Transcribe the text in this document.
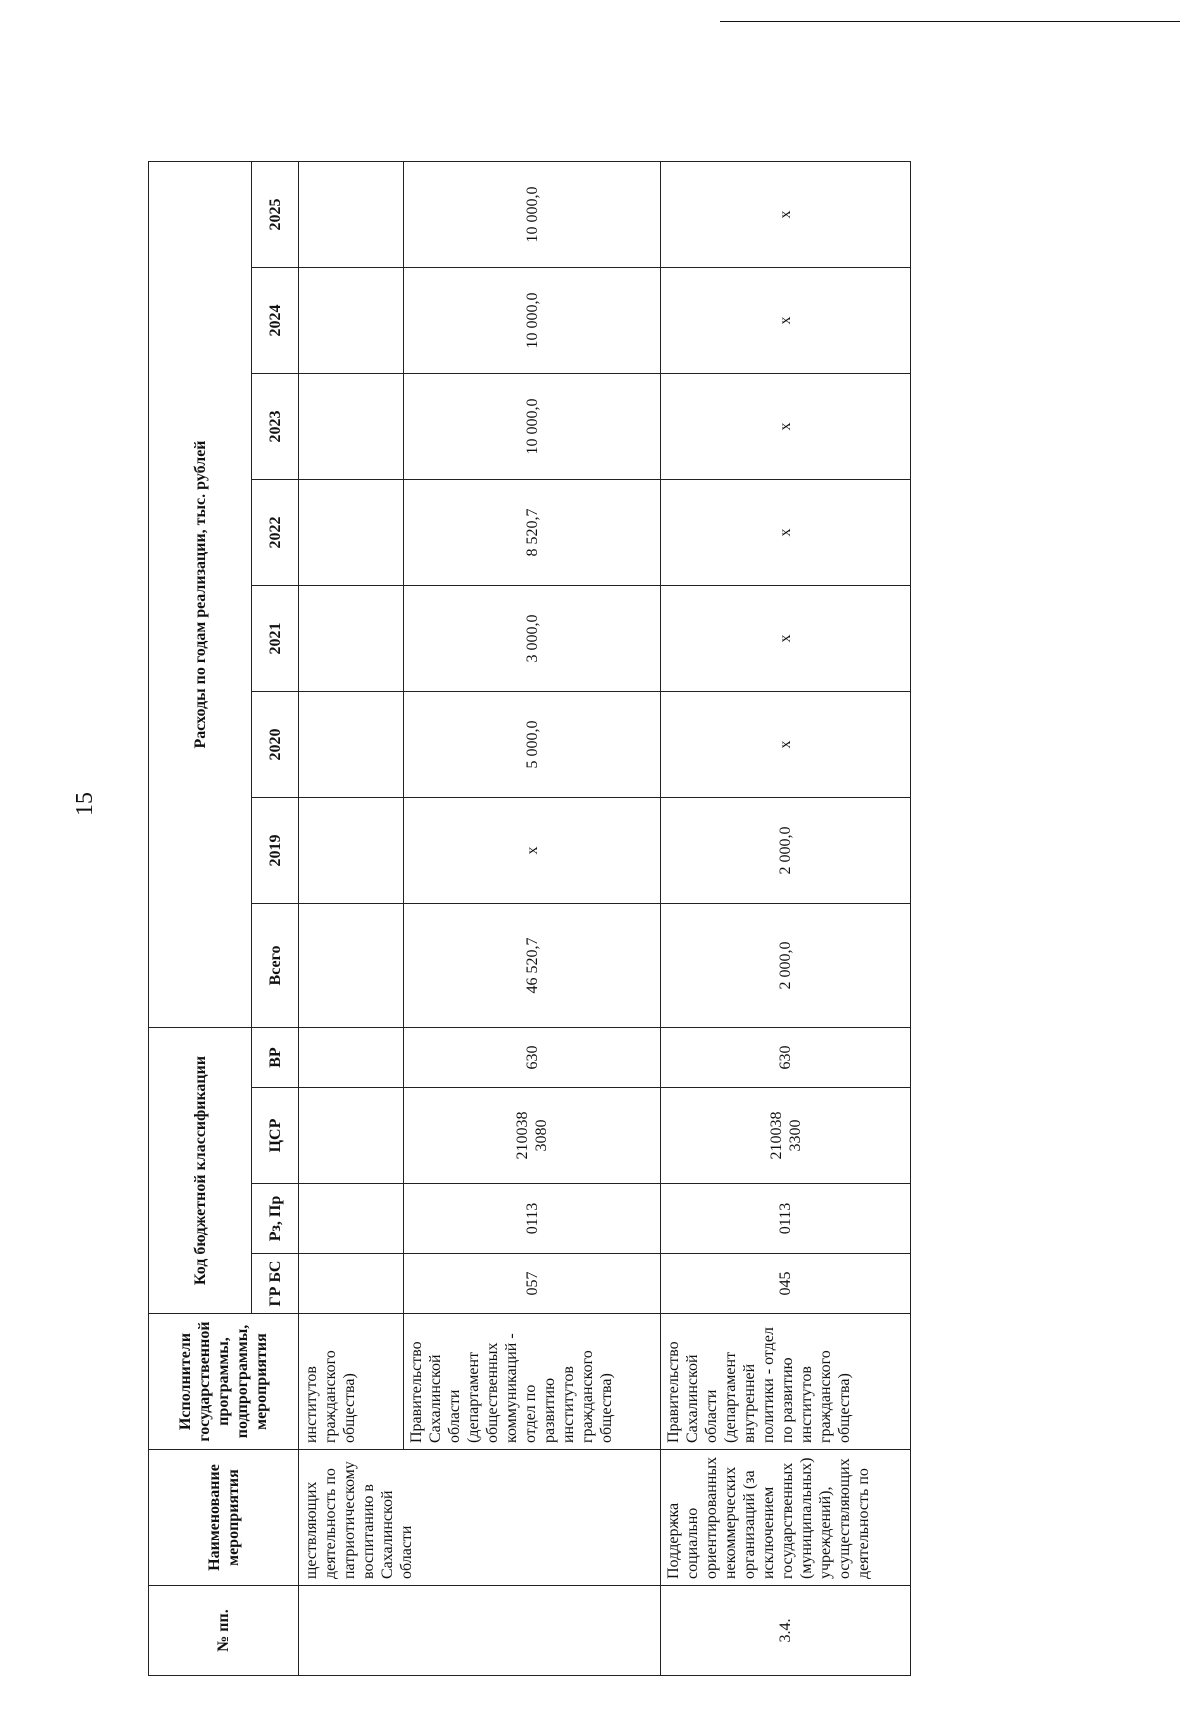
15
№ пп.	Наименование мероприятия	Исполнители государственной программы, подпрограммы, мероприятия	Код бюджетной классификации				Расходы по годам реализации, тыс. рублей							
			ГР БС	Рз, Пр	ЦСР	ВР	Всего	2019	2020	2021	2022	2023	2024	2025
	ществляющих деятельность по патриотическому воспитанию в Сахалинской области	институтов гражданского общества)												
		Правительство Сахалинской области (департамент общественных коммуникаций - отдел по развитию институтов гражданского общества)	057	0113	210038 3080	630	46 520,7	x	5 000,0	3 000,0	8 520,7	10 000,0	10 000,0	10 000,0
3.4.	Поддержка социально ориентированных некоммерческих организаций (за исключением государственных (муниципальных) учреждений), осуществляющих деятельность по	Правительство Сахалинской области (департамент внутренней политики - отдел по развитию институтов гражданского общества)	045	0113	210038 3300	630	2 000,0	2 000,0	x	x	x	x	x	x
